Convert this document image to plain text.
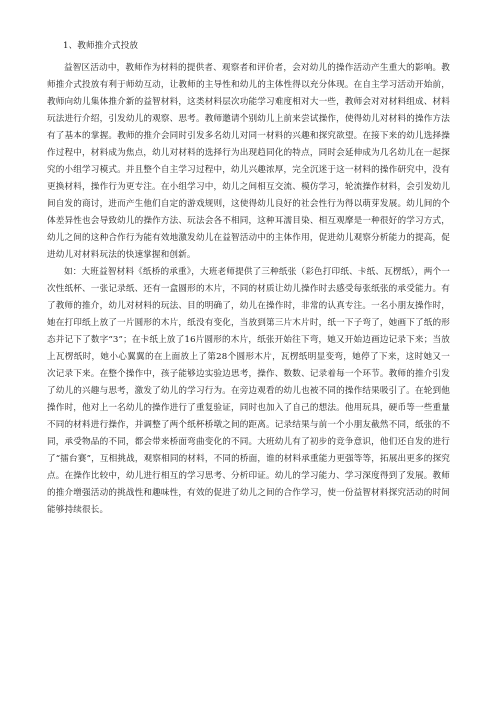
1、教师推介式投放

益智区活动中，教师作为材料的提供者、观察者和评价者，会对幼儿的操作活动产生重大的影响。教师推介式投放有利于师幼互动，让教师的主导性和幼儿的主体性得以充分体现。在自主学习活动开始前，教师向幼儿集体推介新的益智材料，这类材料层次功能学习难度相对大一些，教师会对对材料组成、材料玩法进行介绍，引发幼儿的观察、思考。教师邀请个别幼儿上前来尝试操作，使得幼儿对材料的操作方法有了基本的掌握。教师的推介会同时引发多名幼儿对同一材料的兴趣和探究欲望。在接下来的幼儿选择操作过程中，材料成为焦点，幼儿对材料的选择行为出现趋同化的特点，同时会延伸成为几名幼儿在一起探究的小组学习模式。并且整个自主学习过程中，幼儿兴趣浓厚，完全沉迷于这一材料的操作研究中，没有更换材料，操作行为更专注。在小组学习中，幼儿之间相互交流、模仿学习，轮流操作材料，会引发幼儿间自发的商讨，进而产生他们自定的游戏规则，这使得幼儿良好的社会性行为得以萌芽发展。幼儿间的个体差异性也会导致幼儿的操作方法、玩法会各不相同，这种耳濡目染、相互观摩是一种很好的学习方式，幼儿之间的这种合作行为能有效地激发幼儿在益智活动中的主体作用，促进幼儿观察分析能力的提高，促进幼儿对材料玩法的快速掌握和创新。

如：大班益智材料《纸桥的承重》，大班老师提供了三种纸张（彩色打印纸、卡纸、瓦楞纸），两个一次性纸杯、一张记录纸、还有一盒圆形的木片，不同的材质让幼儿操作时去感受每张纸张的承受能力。有了教师的推介，幼儿对材料的玩法、目的明确了，幼儿在操作时，非常的认真专注。一名小朋友操作时，她在打印纸上放了一片圆形的木片，纸没有变化，当放到第三片木片时，纸一下子弯了，她画下了纸的形态并记下了数字“3”；在卡纸上放了16片圆形的木片，纸张开始往下弯，她又开始边画边记录下来；当放上瓦楞纸时，她小心翼翼的在上面放上了第28个圆形木片，瓦楞纸明显变弯，她停了下来，这时她又一次记录下来。在整个操作中，孩子能够边实验边思考，操作、数数、记录着每一个环节。教师的推介引发了幼儿的兴趣与思考，激发了幼儿的学习行为。在旁边观看的幼儿也被不同的操作结果吸引了。在轮到他操作时，他对上一名幼儿的操作进行了重复验证，同时也加入了自己的想法。他用玩具，硬币等一些重量不同的材料进行操作，并调整了两个纸杯桥墩之间的距离。记录结果与前一个小朋友截然不同，纸张的不同，承受物品的不同，都会带来桥面弯曲变化的不同。大班幼儿有了初步的竞争意识，他们还自发的进行了“擂台赛”，互相挑战，观察相同的材料，不同的桥面，谁的材料承重能力更强等等，拓展出更多的探究点。在操作比较中，幼儿进行相互的学习思考、分析印证。幼儿的学习能力、学习深度得到了发展。教师的推介增强活动的挑战性和趣味性，有效的促进了幼儿之间的合作学习，使一份益智材料探究活动的时间能够持续很长。
